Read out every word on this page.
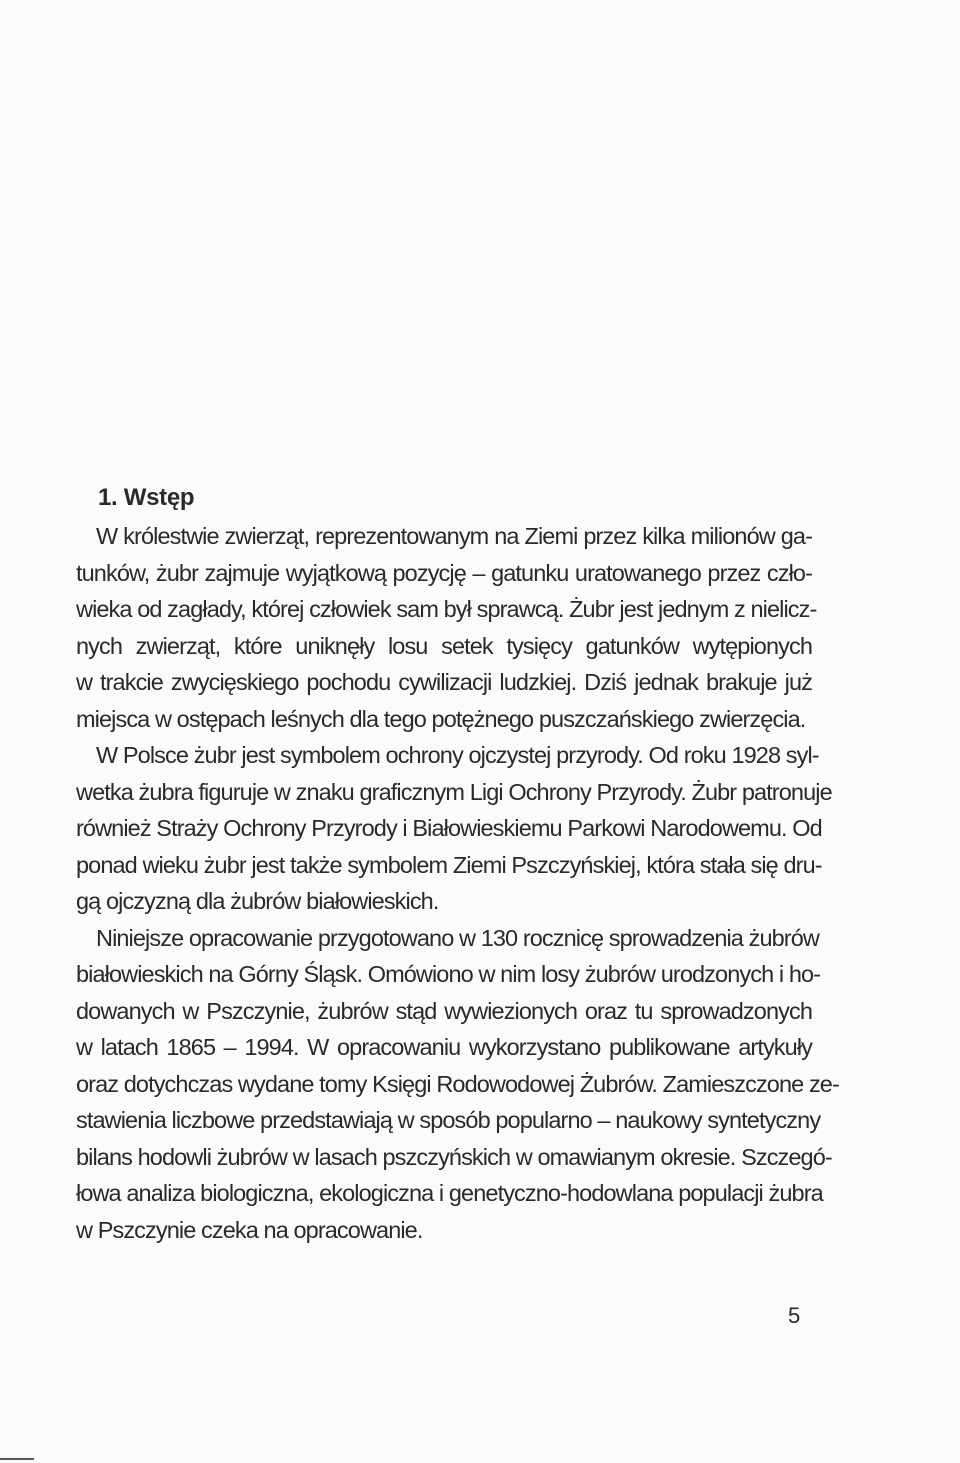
1. Wstęp
W królestwie zwierząt, reprezentowanym na Ziemi przez kilka milionów ga-
tunków, żubr zajmuje wyjątkową pozycję – gatunku uratowanego przez czło-
wieka od zagłady, której człowiek sam był sprawcą. Żubr jest jednym z nielicz-
nych zwierząt, które uniknęły losu setek tysięcy gatunków wytępionych
w trakcie zwycięskiego pochodu cywilizacji ludzkiej. Dziś jednak brakuje już
miejsca w ostępach leśnych dla tego potężnego puszczańskiego zwierzęcia.
W Polsce żubr jest symbolem ochrony ojczystej przyrody. Od roku 1928 syl-
wetka żubra figuruje w znaku graficznym Ligi Ochrony Przyrody. Żubr patronuje
również Straży Ochrony Przyrody i Białowieskiemu Parkowi Narodowemu. Od
ponad wieku żubr jest także symbolem Ziemi Pszczyńskiej, która stała się dru-
gą ojczyzną dla żubrów białowieskich.
Niniejsze opracowanie przygotowano w 130 rocznicę sprowadzenia żubrów
białowieskich na Górny Śląsk. Omówiono w nim losy żubrów urodzonych i ho-
dowanych w Pszczynie, żubrów stąd wywiezionych oraz tu sprowadzonych
w latach 1865 – 1994. W opracowaniu wykorzystano publikowane artykuły
oraz dotychczas wydane tomy Księgi Rodowodowej Żubrów. Zamieszczone ze-
stawienia liczbowe przedstawiają w sposób popularno – naukowy syntetyczny
bilans hodowli żubrów w lasach pszczyńskich w omawianym okresie. Szczegó-
łowa analiza biologiczna, ekologiczna i genetyczno-hodowlana populacji żubra
w Pszczynie czeka na opracowanie.
5
